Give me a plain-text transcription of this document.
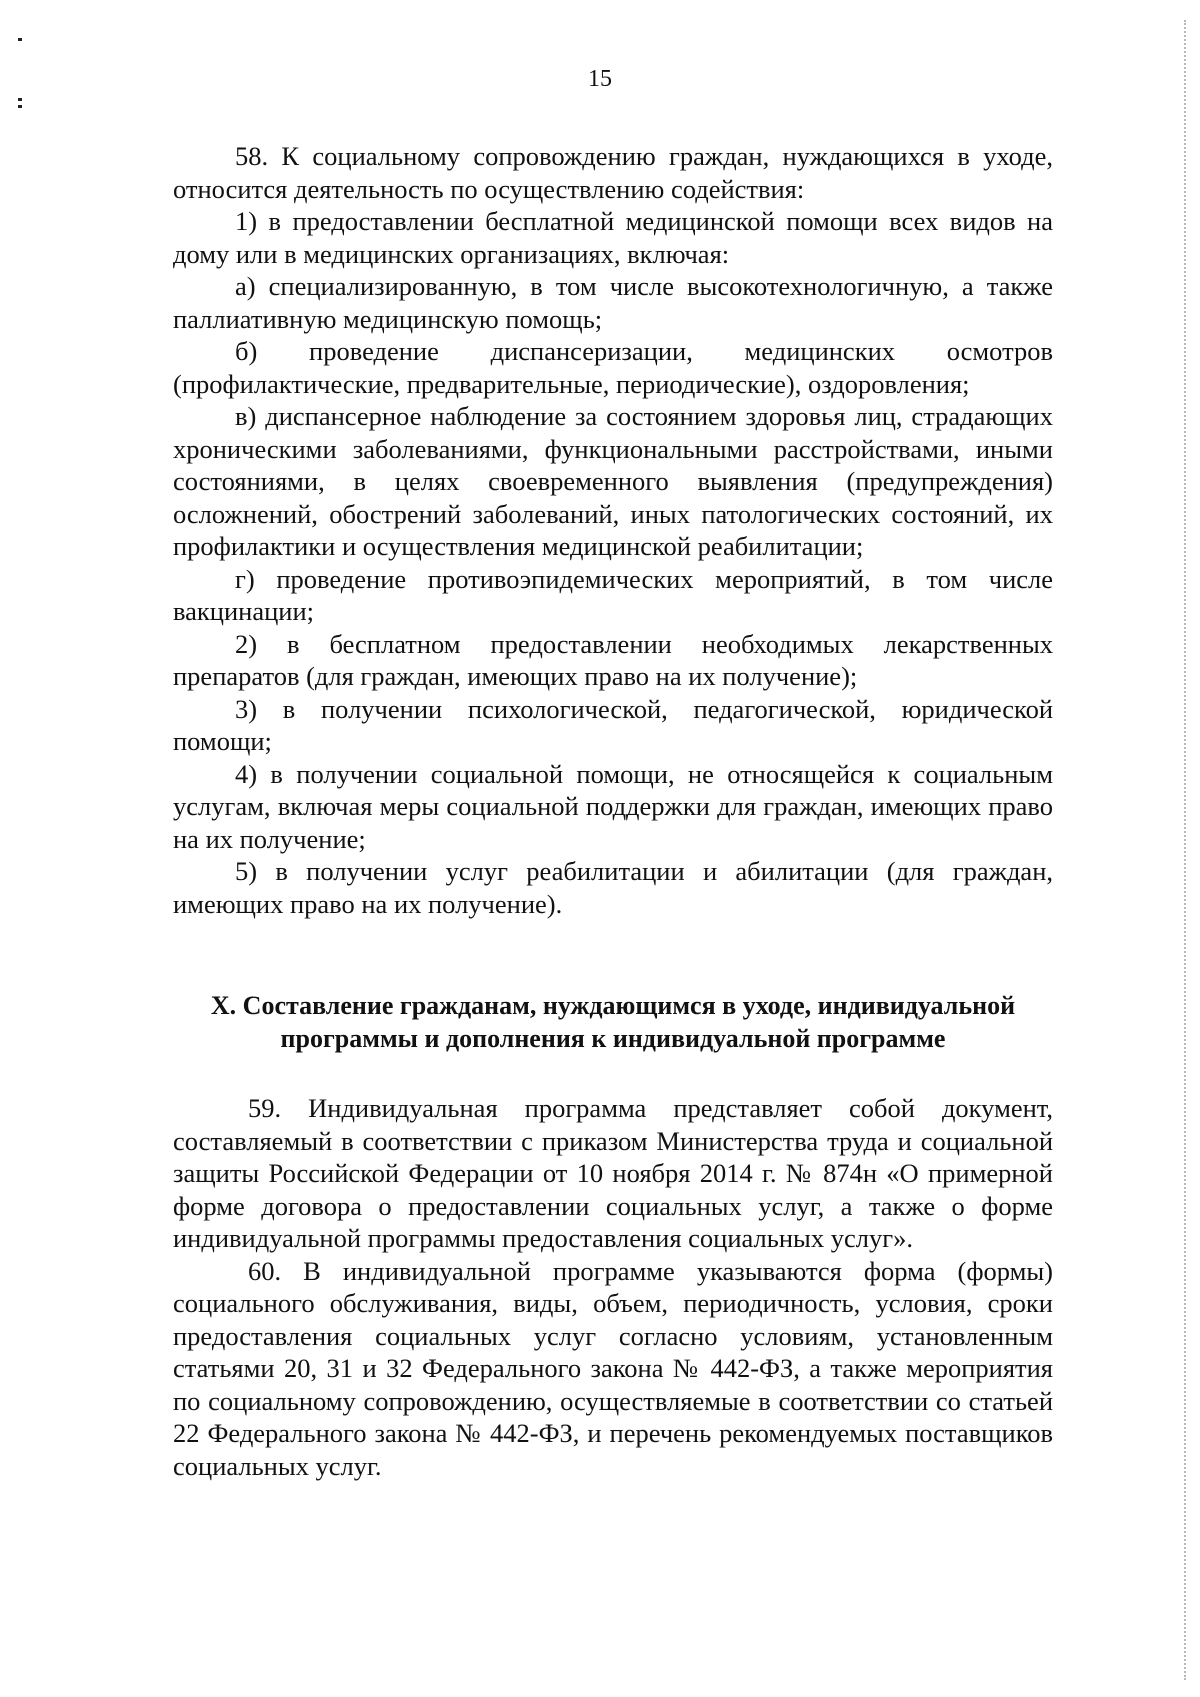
15

58. К социальному сопровождению граждан, нуждающихся в уходе, относится деятельность по осуществлению содействия:

1) в предоставлении бесплатной медицинской помощи всех видов на дому или в медицинских организациях, включая:

а) специализированную, в том числе высокотехнологичную, а также паллиативную медицинскую помощь;

б) проведение диспансеризации, медицинских осмотров (профилактические, предварительные, периодические), оздоровления;

в) диспансерное наблюдение за состоянием здоровья лиц, страдающих хроническими заболеваниями, функциональными расстройствами, иными состояниями, в целях своевременного выявления (предупреждения) осложнений, обострений заболеваний, иных патологических состояний, их профилактики и осуществления медицинской реабилитации;

г) проведение противоэпидемических мероприятий, в том числе вакцинации;

2) в бесплатном предоставлении необходимых лекарственных препаратов (для граждан, имеющих право на их получение);

3) в получении психологической, педагогической, юридической помощи;

4) в получении социальной помощи, не относящейся к социальным услугам, включая меры социальной поддержки для граждан, имеющих право на их получение;

5) в получении услуг реабилитации и абилитации (для граждан, имеющих право на их получение).

X. Составление гражданам, нуждающимся в уходе, индивидуальной
программы и дополнения к индивидуальной программе

59. Индивидуальная программа представляет собой документ, составляемый в соответствии с приказом Министерства труда и социальной защиты Российской Федерации от 10 ноября 2014 г. № 874н «О примерной форме договора о предоставлении социальных услуг, а также о форме индивидуальной программы предоставления социальных услуг».

60. В индивидуальной программе указываются форма (формы) социального обслуживания, виды, объем, периодичность, условия, сроки предоставления социальных услуг согласно условиям, установленным статьями 20, 31 и 32 Федерального закона № 442-ФЗ, а также мероприятия по социальному сопровождению, осуществляемые в соответствии со статьей 22 Федерального закона № 442-ФЗ, и перечень рекомендуемых поставщиков социальных услуг.
